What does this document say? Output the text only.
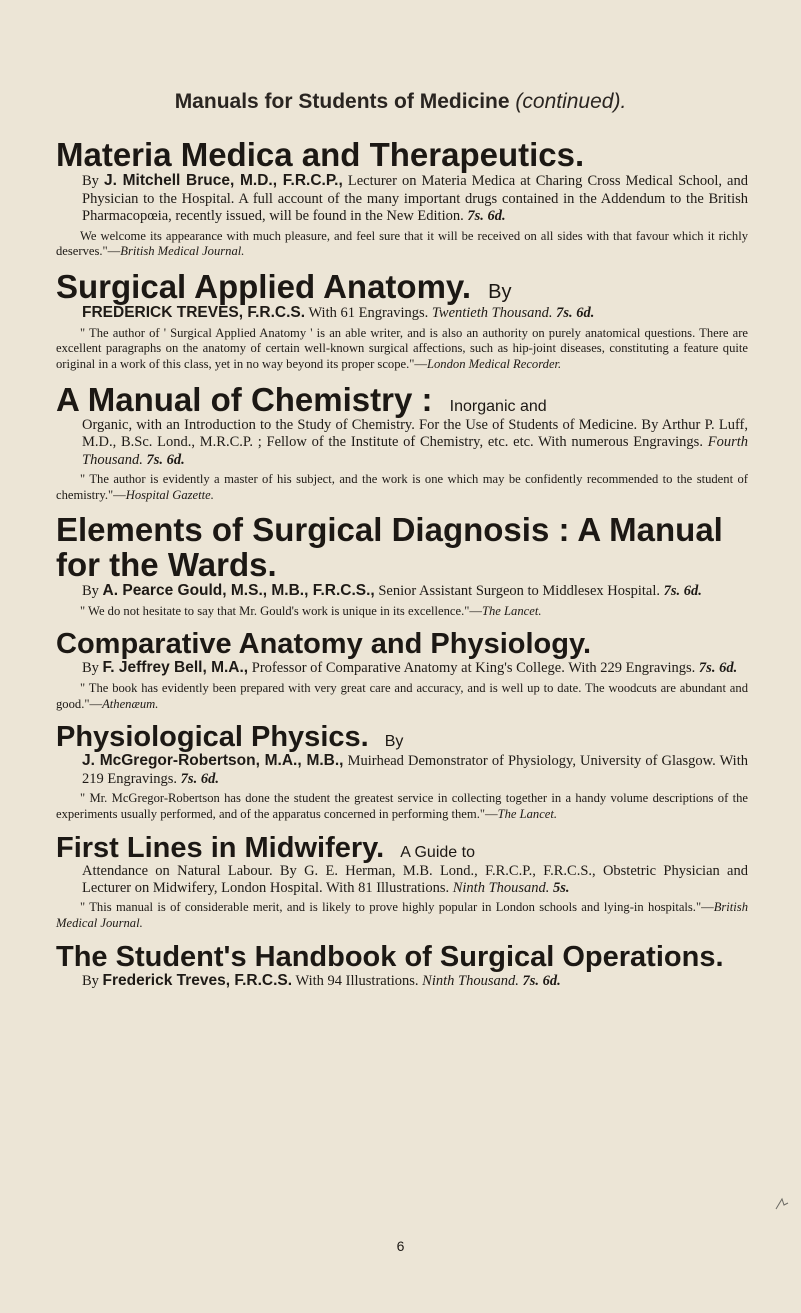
Manuals for Students of Medicine (continued).
Materia Medica and Therapeutics.
By J. Mitchell Bruce, M.D., F.R.C.P., Lecturer on Materia Medica at Charing Cross Medical School, and Physician to the Hospital. A full account of the many important drugs contained in the Addendum to the British Pharmacopœia, recently issued, will be found in the New Edition. 7s. 6d.
We welcome its appearance with much pleasure, and feel sure that it will be received on all sides with that favour which it richly deserves."—British Medical Journal.
Surgical Applied Anatomy. By
FREDERICK TREVES, F.R.C.S. With 61 Engravings. Twentieth Thousand. 7s. 6d.
" The author of ' Surgical Applied Anatomy ' is an able writer, and is also an authority on purely anatomical questions. There are excellent paragraphs on the anatomy of certain well-known surgical affections, such as hip-joint diseases, constituting a feature quite original in a work of this class, yet in no way beyond its proper scope."—London Medical Recorder.
A Manual of Chemistry : Inorganic and
Organic, with an Introduction to the Study of Chemistry. For the Use of Students of Medicine. By Arthur P. Luff, M.D., B.Sc. Lond., M.R.C.P. ; Fellow of the Institute of Chemistry, etc. etc. With numerous Engravings. Fourth Thousand. 7s. 6d.
" The author is evidently a master of his subject, and the work is one which may be confidently recommended to the student of chemistry."—Hospital Gazette.
Elements of Surgical Diagnosis : A Manual for the Wards.
By A. Pearce Gould, M.S., M.B., F.R.C.S., Senior Assistant Surgeon to Middlesex Hospital. 7s. 6d.
" We do not hesitate to say that Mr. Gould's work is unique in its excellence."—The Lancet.
Comparative Anatomy and Physiology.
By F. Jeffrey Bell, M.A., Professor of Comparative Anatomy at King's College. With 229 Engravings. 7s. 6d.
" The book has evidently been prepared with very great care and accuracy, and is well up to date. The woodcuts are abundant and good."—Athenæum.
Physiological Physics. By
J. McGregor-Robertson, M.A., M.B., Muirhead Demonstrator of Physiology, University of Glasgow. With 219 Engravings. 7s. 6d.
" Mr. McGregor-Robertson has done the student the greatest service in collecting together in a handy volume descriptions of the experiments usually performed, and of the apparatus concerned in performing them."—The Lancet.
First Lines in Midwifery. A Guide to
Attendance on Natural Labour. By G. E. Herman, M.B. Lond., F.R.C.P., F.R.C.S., Obstetric Physician and Lecturer on Midwifery, London Hospital. With 81 Illustrations. Ninth Thousand. 5s.
" This manual is of considerable merit, and is likely to prove highly popular in London schools and lying-in hospitals."—British Medical Journal.
The Student's Handbook of Surgical Operations.
By Frederick Treves, F.R.C.S. With 94 Illustrations. Ninth Thousand. 7s. 6d.
6
